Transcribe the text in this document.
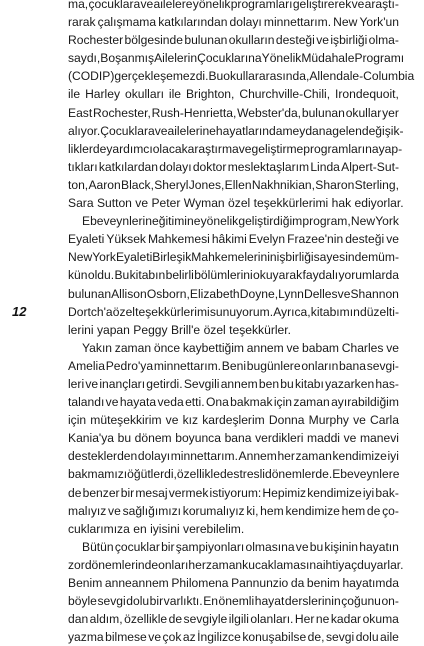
12
ma, çocuklara ve ailelere yönelik programları geliştirerek ve araştı-
rarak çalışmama katkılarından dolayı minnettarım. New York'un
Rochester bölgesinde bulunan okulların desteği ve işbirliği olma-
saydı, Boşanmış Ailelerin Çocuklarına Yönelik Müdahale Programı
(CODIP) gerçekleşemezdi. Bu okullar arasında, Allendale-Columbia
ile Harley okulları ile Brighton, Churchville-Chili, Irondequoit,
East Rochester, Rush-Henrietta, Webster'da, bulunan okullar yer
alıyor. Çocuklara ve ailelerine hayatlarında meydana gelen değişik-
liklerde yardımcı olacak araştırma ve geliştirme programlarına yap-
tıkları katkılardan dolayı doktor meslektaşlarım Linda Alpert-Sut-
ton, Aaron Black, Sheryl Jones, Ellen Nakhnikian, Sharon Sterling,
Sara Sutton ve Peter Wyman özel teşekkürlerimi hak ediyorlar.
Ebeveynlerin eğitimine yönelik geliştirdiğim program, New York
Eyaleti Yüksek Mahkemesi hâkimi Evelyn Frazee'nin desteği ve
New York Eyaleti Birleşik Mahkemelerinin işbirliği sayesinde müm-
kün oldu. Bu kitabın belirli bölümlerini okuyarak faydalı yorumlarda
bulunan Allison Osborn, Elizabeth Doyne, Lynn Delles ve Shannon
Dortch'a özel teşekkürlerimi sunuyorum. Ayrıca, kitabımın düzelti-
lerini yapan Peggy Brill'e özel teşekkürler.
Yakın zaman önce kaybettiğim annem ve babam Charles ve
Amelia Pedro'ya minnettarım. Beni bugünlere onların bana sevgi-
leri ve inançları getirdi. Sevgili annem ben bu kitabı yazarken has-
talandı ve hayata veda etti. Ona bakmak için zaman ayırabildiğim
için müteşekkirim ve kız kardeşlerim Donna Murphy ve Carla
Kania'ya bu dönem boyunca bana verdikleri maddi ve manevi
desteklerden dolayı minnettarım. Annem her zaman kendimize iyi
bakmamızı öğütlerdi, özellikle de stresli dönemlerde. Ebeveynlere
de benzer bir mesaj vermek istiyorum: Hepimiz kendimize iyi bak-
malıyız ve sağlığımızı korumalıyız ki, hem kendimize hem de ço-
cuklarımıza en iyisini verebilelim.
Bütün çocuklar bir şampiyonları olmasına ve bu kişinin hayatın
zor dönemlerinde onları her zaman kucaklamasına ihtiyaç duyarlar.
Benim anneannem Philomena Pannunzio da benim hayatımda
böyle sevgi dolu bir varlıktı. En önemli hayat derslerinin çoğunu on-
dan aldım, özellikle de sevgiyle ilgili olanları. Her ne kadar okuma
yazma bilmese ve çok az İngilizce konuşabilse de, sevgi dolu aile
